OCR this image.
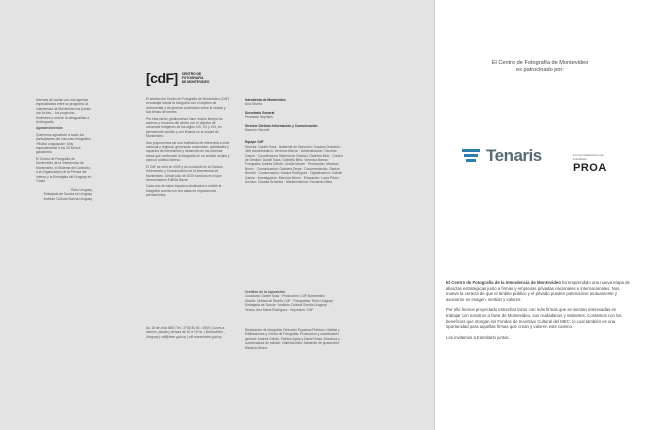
Además de contar con una agencia especializada entre su programa, la Intendencia de Montevideo ha puesto con la foto... los proyectos... trimestres a reducir la desigualdad a la fotografía.

Agradecimientos

Queremos agradecer a todos los participantes del concurso fotográfico «Rollos uruguayos». Muy especialmente a los 33 fondos ganadores.

El Centro de Fotografía de Montevideo de la Intendencia de Montevideo, el Sistema del Carbonio, a la Organización de la Prensa del Interior y la Embajada del Uruguay en Tucán.

Rollo Uruguay
Embajada de Suecia en Uruguay
Instituto Cultural Suecia-Uruguay
[cdF] CENTRO DE
FOTOGRAFÍA
DE MONTEVIDEO

El sentido del Centro de Fotografía de Montevideo (CdF) es trabajar desde la fotografía con el objetivo de documentar y de generar contenidos sobre la ciudad y sus temas de interés.

Por esta razón, gestionamos hace mucho tiempo los acervos y recursos del centro con el objetivo de conservar imágenes de los siglos XIX, XX y XXI, en permanente cambio y con énfasis en la ciudad de Montevideo.

Nos proponemos ser una institución de referencia a nivel nacional y regional, generando contenidos, actividades y espacios de intercambio y desarrollo de las diversas áreas que conforman la fotografía en un sentido amplio y para un público diverso.

El CdF se creó en 2002 y se consolidó en la División Información y Comunicación de la Intendencia de Montevideo. Desde julio de 2015 funciona en el que denominamos Edificio Bazar.

Cada uno de estos espacios destinados a exhibir la fotografía cuenta con sus salas de exposiciones permanentes.

Av. 18 de Julio 885 | Tel.: 2708 81 81 / 2909 | Lunes a viernes, planta y terraza de 10 a 19 hs. | Montevideo - Uruguay | cdf@imm.gub.uy | cdf.montevideo.gub.uy
Intendenta de Montevideo
Ana Olivera
Secretario General
Fernando Nopitsch
Director División Información y Comunicación
Marcelo Visconti
Equipo CdF
Director: Daniel Sosa · Asistente de Dirección: Susana Centurión · Jefe Administrativo: Verónica Barros · Administración: Carolina García · Coordinadora Sistema de Gestión: Gabriela Belo · Control de Gestión: Daniel Saus, Gabriela Belo, Verónica Barros · Fotografía: Andrés Cribari, Cecilia Maciel · Producción: Mauricio Bruno · Comunicación: Gabriela Zerpa · Documentación: Gastón Berrutti · Conservación: Sandra Rodríguez · Digitalización: Gabriel Garcia · Investigación: Mauricio Bruno · Educación: Lucía Pérez · Archivo: Claudia Schellies · Mantenimiento: Fernando Nieto
Créditos de la exposición
Curaduría: Daniel Sosa · Producción: CdF Montevideo · Diseño: Unidad de Diseño CdF · Fotografías: Rollo Uruguay · Embajada de Suecia · Instituto Cultural Suecia-Uruguay · Textos: Ana María Rodríguez · Impresión: CdF
Realización de fotografía: Dirección Espacios Públicos, Hábitat y Edificaciones y Centro de Fotografía. Producción y coordinación general: Andrea Cribari, Patricia Ayala y Daniel Sosa. Directora y coordinadora de edición: Gabriela Belo. Asistente de producción: Mauricio Bruno.
El Centro de Fotografía de Montevideo
es patrocinado por:
Tenaris	Con la colaboración de
Fundación
PROA

El Centro de Fotografía de la Intendencia de Montevideo ha emprendido una nueva etapa de alianzas estratégicas junto a firmas y empresas privadas nacionales e internacionales. Nos mueve la certeza de que el ámbito público y el privado pueden potenciarse mutuamente y asociarse en imagen, sentido y valores.

Por ello hemos proyectado estrechar lazos con más firmas que se sientan interesadas en trabajar con nosotros a favor de Montevideo, sus ciudadanos y visitantes. Contamos con los beneficios que otorgan los Fondos de Incentivo Cultural del MEC, lo cual también es una oportunidad para aquellas firmas que crean y valoren este camino.

Los invitamos a transitarlo juntos.
